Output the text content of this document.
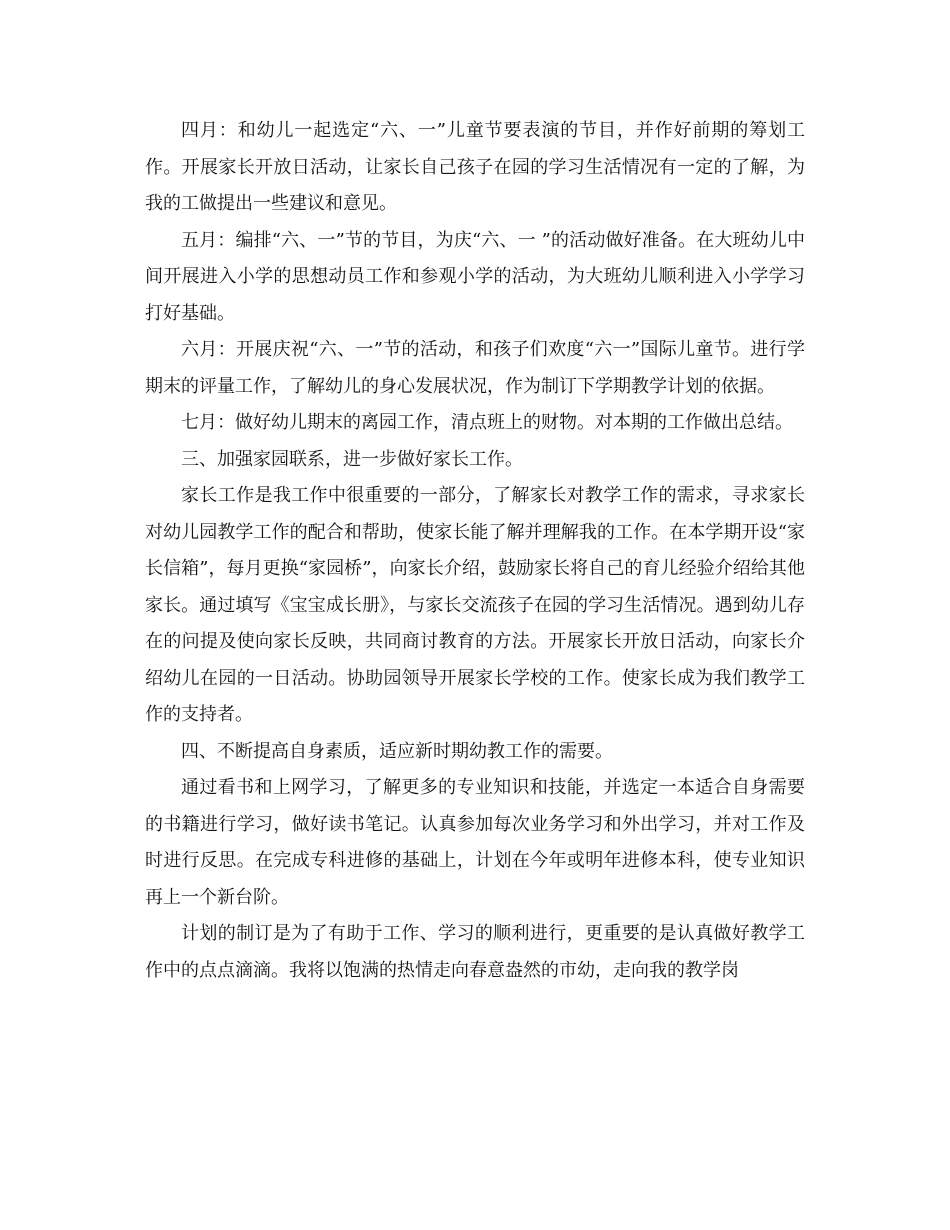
四月：和幼儿一起选定“六、一”儿童节要表演的节目，并作好前期的筹划工作。开展家长开放日活动，让家长自己孩子在园的学习生活情况有一定的了解，为我的工做提出一些建议和意见。

五月：编排“六、一”节的节目，为庆“六、一 ”的活动做好准备。在大班幼儿中间开展进入小学的思想动员工作和参观小学的活动，为大班幼儿顺利进入小学学习打好基础。

六月：开展庆祝“六、一”节的活动，和孩子们欢度“六一”国际儿童节。进行学期末的评量工作，了解幼儿的身心发展状况，作为制订下学期教学计划的依据。

七月：做好幼儿期末的离园工作，清点班上的财物。对本期的工作做出总结。

三、加强家园联系，进一步做好家长工作。

家长工作是我工作中很重要的一部分，了解家长对教学工作的需求，寻求家长对幼儿园教学工作的配合和帮助，使家长能了解并理解我的工作。在本学期开设“家长信箱”，每月更换“家园桥”，向家长介绍，鼓励家长将自己的育儿经验介绍给其他家长。通过填写《宝宝成长册》，与家长交流孩子在园的学习生活情况。遇到幼儿存在的问提及使向家长反映，共同商讨教育的方法。开展家长开放日活动，向家长介绍幼儿在园的一日活动。协助园领导开展家长学校的工作。使家长成为我们教学工作的支持者。

四、不断提高自身素质，适应新时期幼教工作的需要。

通过看书和上网学习，了解更多的专业知识和技能，并选定一本适合自身需要的书籍进行学习，做好读书笔记。认真参加每次业务学习和外出学习，并对工作及时进行反思。在完成专科进修的基础上，计划在今年或明年进修本科，使专业知识再上一个新台阶。

计划的制订是为了有助于工作、学习的顺利进行，更重要的是认真做好教学工作中的点点滴滴。我将以饱满的热情走向春意盎然的市幼，走向我的教学岗
